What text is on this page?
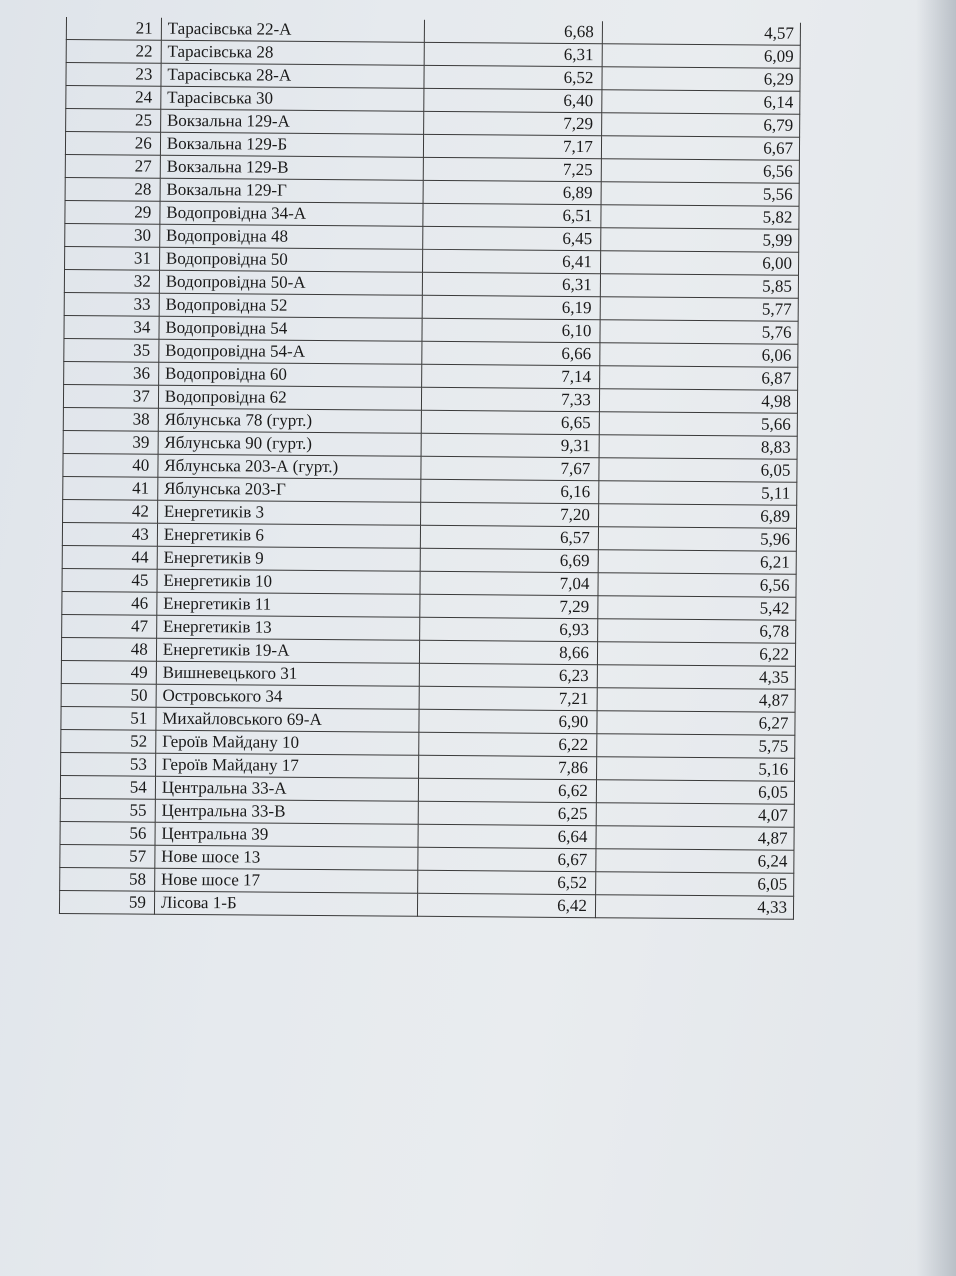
21	Тарасівська 22-А	6,68	4,57
22	Тарасівська 28	6,31	6,09
23	Тарасівська 28-А	6,52	6,29
24	Тарасівська 30	6,40	6,14
25	Вокзальна 129-А	7,29	6,79
26	Вокзальна 129-Б	7,17	6,67
27	Вокзальна 129-В	7,25	6,56
28	Вокзальна 129-Г	6,89	5,56
29	Водопровідна 34-А	6,51	5,82
30	Водопровідна 48	6,45	5,99
31	Водопровідна 50	6,41	6,00
32	Водопровідна 50-А	6,31	5,85
33	Водопровідна 52	6,19	5,77
34	Водопровідна 54	6,10	5,76
35	Водопровідна 54-А	6,66	6,06
36	Водопровідна 60	7,14	6,87
37	Водопровідна 62	7,33	4,98
38	Яблунська 78 (гурт.)	6,65	5,66
39	Яблунська 90 (гурт.)	9,31	8,83
40	Яблунська 203-А (гурт.)	7,67	6,05
41	Яблунська 203-Г	6,16	5,11
42	Енергетиків 3	7,20	6,89
43	Енергетиків 6	6,57	5,96
44	Енергетиків 9	6,69	6,21
45	Енергетиків 10	7,04	6,56
46	Енергетиків 11	7,29	5,42
47	Енергетиків 13	6,93	6,78
48	Енергетиків 19-А	8,66	6,22
49	Вишневецького 31	6,23	4,35
50	Островського 34	7,21	4,87
51	Михайловського 69-А	6,90	6,27
52	Героїв Майдану 10	6,22	5,75
53	Героїв Майдану 17	7,86	5,16
54	Центральна 33-А	6,62	6,05
55	Центральна 33-В	6,25	4,07
56	Центральна 39	6,64	4,87
57	Нове шосе 13	6,67	6,24
58	Нове шосе 17	6,52	6,05
59	Лісова 1-Б	6,42	4,33
